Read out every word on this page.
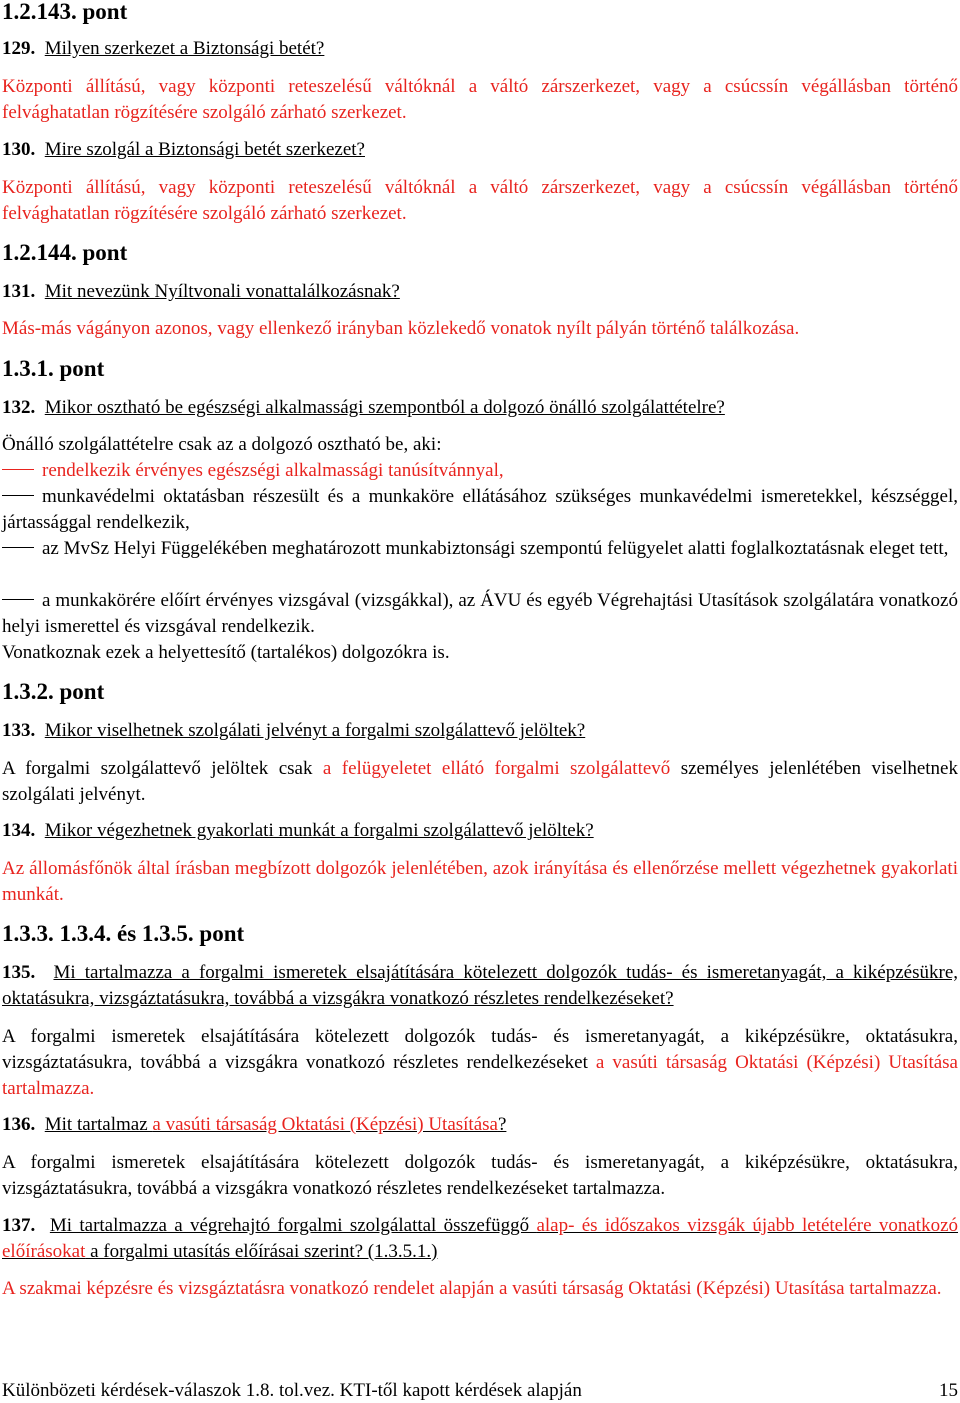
1.2.143. pont
129. Milyen szerkezet a Biztonsági betét?
Központi állítású, vagy központi reteszelésű váltóknál a váltó zárszerkezet, vagy a csúcssín végállásban történő felvághatatlan rögzítésére szolgáló zárható szerkezet.
130. Mire szolgál a Biztonsági betét szerkezet?
Központi állítású, vagy központi reteszelésű váltóknál a váltó zárszerkezet, vagy a csúcssín végállásban történő felvághatatlan rögzítésére szolgáló zárható szerkezet.
1.2.144. pont
131. Mit nevezünk Nyíltvonali vonattalálkozásnak?
Más-más vágányon azonos, vagy ellenkező irányban közlekedő vonatok nyílt pályán történő találkozása.
1.3.1. pont
132. Mikor osztható be egészségi alkalmassági szempontból a dolgozó önálló szolgálattételre?
Önálló szolgálattételre csak az a dolgozó osztható be, aki:
rendelkezik érvényes egészségi alkalmassági tanúsítvánnyal,
munkavédelmi oktatásban részesült és a munkaköre ellátásához szükséges munkavédelmi ismeretekkel, készséggel, jártassággal rendelkezik,
az MvSz Helyi Függelékében meghatározott munkabiztonsági szempontú felügyelet alatti foglalkoztatásnak eleget tett,
a munkakörére előírt érvényes vizsgával (vizsgákkal), az ÁVU és egyéb Végrehajtási Utasítások szolgálatára vonatkozó helyi ismerettel és vizsgával rendelkezik.
Vonatkoznak ezek a helyettesítő (tartalékos) dolgozókra is.
1.3.2. pont
133. Mikor viselhetnek szolgálati jelvényt a forgalmi szolgálattevő jelöltek?
A forgalmi szolgálattevő jelöltek csak a felügyeletet ellátó forgalmi szolgálattevő személyes jelenlétében viselhetnek szolgálati jelvényt.
134. Mikor végezhetnek gyakorlati munkát a forgalmi szolgálattevő jelöltek?
Az állomásfőnök által írásban megbízott dolgozók jelenlétében, azok irányítása és ellenőrzése mellett végezhetnek gyakorlati munkát.
1.3.3. 1.3.4. és 1.3.5. pont
135. Mi tartalmazza a forgalmi ismeretek elsajátítására kötelezett dolgozók tudás- és ismeretanyagát, a kiképzésükre, oktatásukra, vizsgáztatásukra, továbbá a vizsgákra vonatkozó részletes rendelkezéseket?
A forgalmi ismeretek elsajátítására kötelezett dolgozók tudás- és ismeretanyagát, a kiképzésükre, oktatásukra, vizsgáztatásukra, továbbá a vizsgákra vonatkozó részletes rendelkezéseket a vasúti társaság Oktatási (Képzési) Utasítása tartalmazza.
136. Mit tartalmaz a vasúti társaság Oktatási (Képzési) Utasítása?
A forgalmi ismeretek elsajátítására kötelezett dolgozók tudás- és ismeretanyagát, a kiképzésükre, oktatásukra, vizsgáztatásukra, továbbá a vizsgákra vonatkozó részletes rendelkezéseket tartalmazza.
137. Mi tartalmazza a végrehajtó forgalmi szolgálattal összefüggő alap- és időszakos vizsgák újabb letételére vonatkozó előírásokat a forgalmi utasítás előírásai szerint? (1.3.5.1.)
A szakmai képzésre és vizsgáztatásra vonatkozó rendelet alapján a vasúti társaság Oktatási (Képzési) Utasítása tartalmazza.
Különbözeti kérdések-válaszok 1.8. tol.vez. KTI-től kapott kérdések alapján	15
